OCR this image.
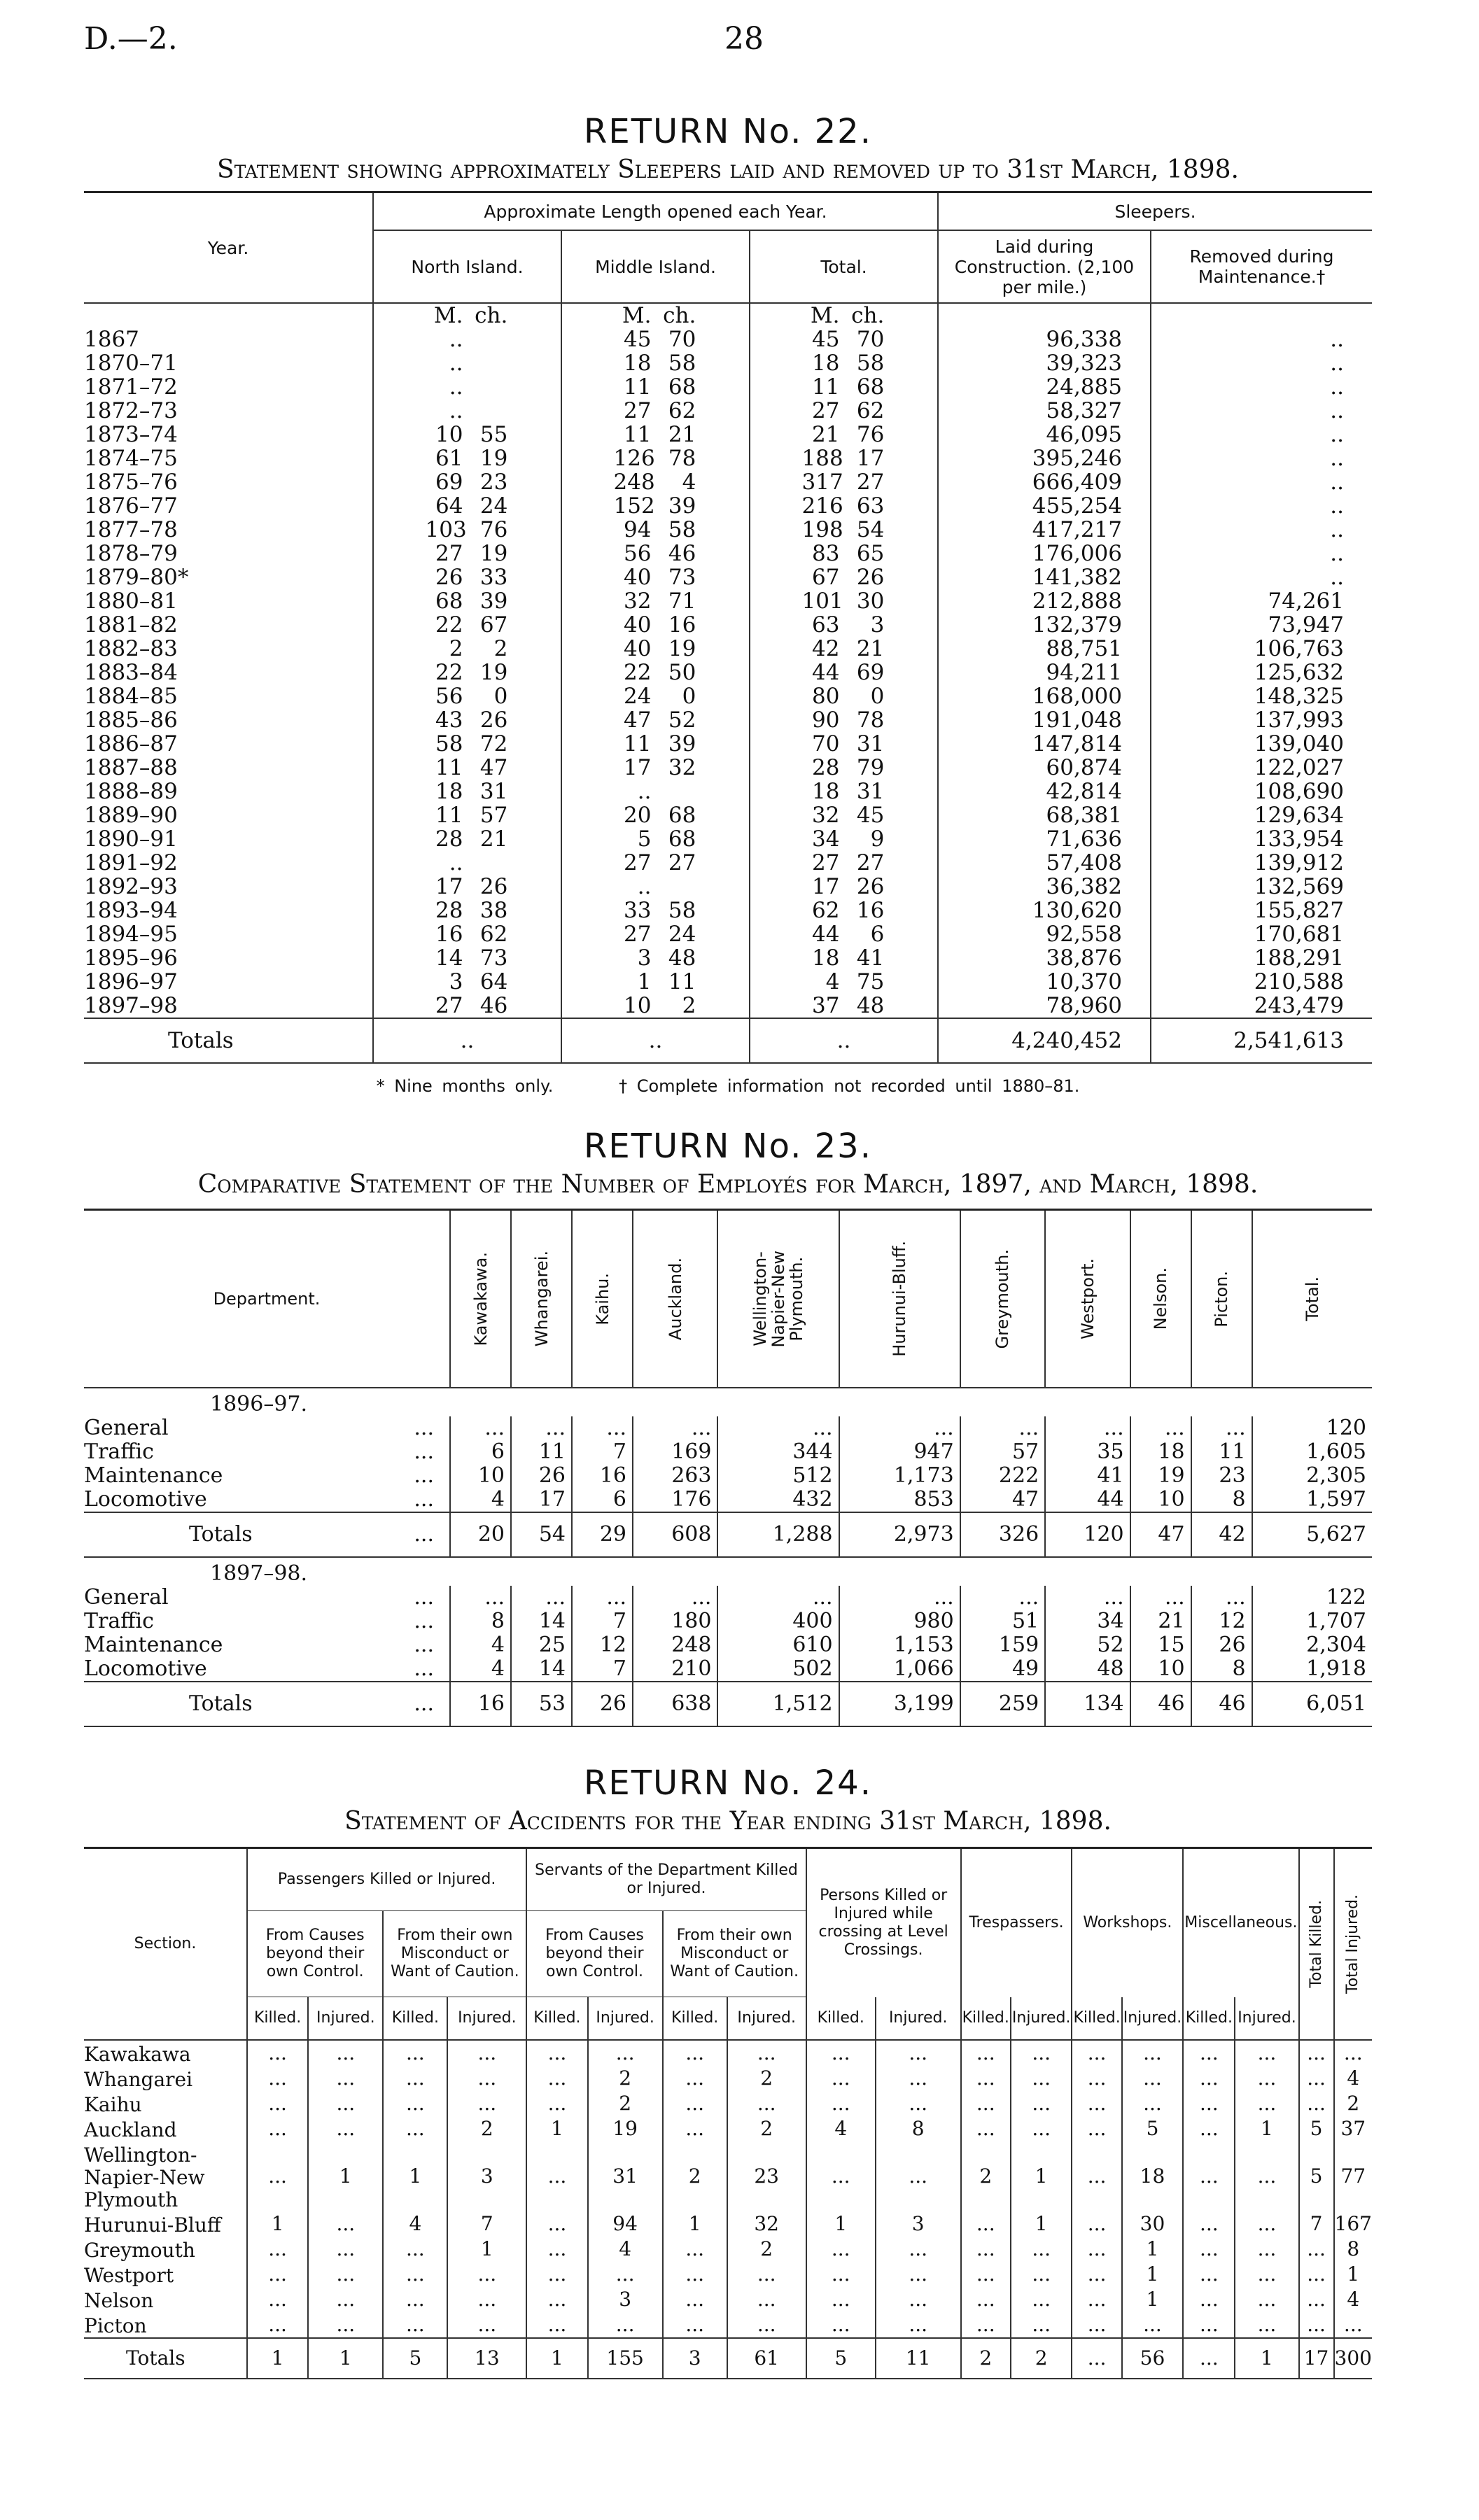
D.—2.	28
RETURN No. 22.
Statement showing approximately Sleepers laid and removed up to 31st March, 1898.
Year.	Approximate Length opened each Year.			Sleepers.	
	North Island.	Middle Island.	Total.	Laid during Construction. (2,100 per mile.)	Removed during Maintenance.†
	M. ch.	M. ch.	M. ch.		
1867	..	45 70	45 70	96,338	..
1870–71	..	18 58	18 58	39,323	..
1871–72	..	11 68	11 68	24,885	..
1872–73	..	27 62	27 62	58,327	..
1873–74	10 55	11 21	21 76	46,095	..
1874–75	61 19	126 78	188 17	395,246	..
1875–76	69 23	248 4	317 27	666,409	..
1876–77	64 24	152 39	216 63	455,254	..
1877–78	103 76	94 58	198 54	417,217	..
1878–79	27 19	56 46	83 65	176,006	..
1879–80*	26 33	40 73	67 26	141,382	..
1880–81	68 39	32 71	101 30	212,888	74,261
1881–82	22 67	40 16	63 3	132,379	73,947
1882–83	2 2	40 19	42 21	88,751	106,763
1883–84	22 19	22 50	44 69	94,211	125,632
1884–85	56 0	24 0	80 0	168,000	148,325
1885–86	43 26	47 52	90 78	191,048	137,993
1886–87	58 72	11 39	70 31	147,814	139,040
1887–88	11 47	17 32	28 79	60,874	122,027
1888–89	18 31	..	18 31	42,814	108,690
1889–90	11 57	20 68	32 45	68,381	129,634
1890–91	28 21	5 68	34 9	71,636	133,954
1891–92	..	27 27	27 27	57,408	139,912
1892–93	17 26	..	17 26	36,382	132,569
1893–94	28 38	33 58	62 16	130,620	155,827
1894–95	16 62	27 24	44 6	92,558	170,681
1895–96	14 73	3 48	18 41	38,876	188,291
1896–97	3 64	1 11	4 75	10,370	210,588
1897–98	27 46	10 2	37 48	78,960	243,479
Totals	..	..	..	4,240,452	2,541,613
* Nine months only.	† Complete information not recorded until 1880–81.
RETURN No. 23.
Comparative Statement of the Number of Employés for March, 1897, and March, 1898.
Department.	Kawakawa.	Whangarei.	Kaihu.	Auckland.	Wellington-
Napier-New
Plymouth.	Hurunui-Bluff.	Greymouth.	Westport.	Nelson.	Picton.	Total.

1896–97.											
General ...	...	...	...	...	...	...	...	...	...	...	120
Traffic ...	6	11	7	169	344	947	57	35	18	11	1,605
Maintenance ...	10	26	16	263	512	1,173	222	41	19	23	2,305
Locomotive ...	4	17	6	176	432	853	47	44	10	8	1,597
Totals ...	20	54	29	608	1,288	2,973	326	120	47	42	5,627
1897–98.											
General ...	...	...	...	...	...	...	...	...	...	...	122
Traffic ...	8	14	7	180	400	980	51	34	21	12	1,707
Maintenance ...	4	25	12	248	610	1,153	159	52	15	26	2,304
Locomotive ...	4	14	7	210	502	1,066	49	48	10	8	1,918
Totals ...	16	53	26	638	1,512	3,199	259	134	46	46	6,051
RETURN No. 24.
Statement of Accidents for the Year ending 31st March, 1898.
Section.	Passengers Killed or Injured.				Servants of the Department Killed or Injured.				Persons Killed or Injured while crossing at Level Crossings.		Trespassers.		Workshops.		Miscellaneous.		Total Killed.	Total Injured.

	From Causes beyond their own Control.		From their own Misconduct or Want of Caution.		From Causes beyond their own Control.		From their own Misconduct or Want of Caution.											
	Killed.	Injured.	Killed.	Injured.	Killed.	Injured.	Killed.	Injured.	Killed.	Injured.	Killed.	Injured.	Killed.	Injured.	Killed.	Injured.		
Kawakawa	...	...	...	...	...	...	...	...	...	...	...	...	...	...	...	...	...	...
Whangarei	...	...	...	...	...	2	...	2	...	...	...	...	...	...	...	...	...	4
Kaihu	...	...	...	...	...	2	...	...	...	...	...	...	...	...	...	...	...	2
Auckland	...	...	...	2	1	19	...	2	4	8	...	...	...	5	...	1	5	37
Wellington-Napier-New Plymouth	...	1	1	3	...	31	2	23	...	...	2	1	...	18	...	...	5	77
Hurunui-Bluff	1	...	4	7	...	94	1	32	1	3	...	1	...	30	...	...	7	167
Greymouth	...	...	...	1	...	4	...	2	...	...	...	...	...	1	...	...	...	8
Westport	...	...	...	...	...	...	...	...	...	...	...	...	...	1	...	...	...	1
Nelson	...	...	...	...	...	3	...	...	...	...	...	...	...	1	...	...	...	4
Picton	...	...	...	...	...	...	...	...	...	...	...	...	...	...	...	...	...	...
Totals	1	1	5	13	1	155	3	61	5	11	2	2	...	56	...	1	17	300
